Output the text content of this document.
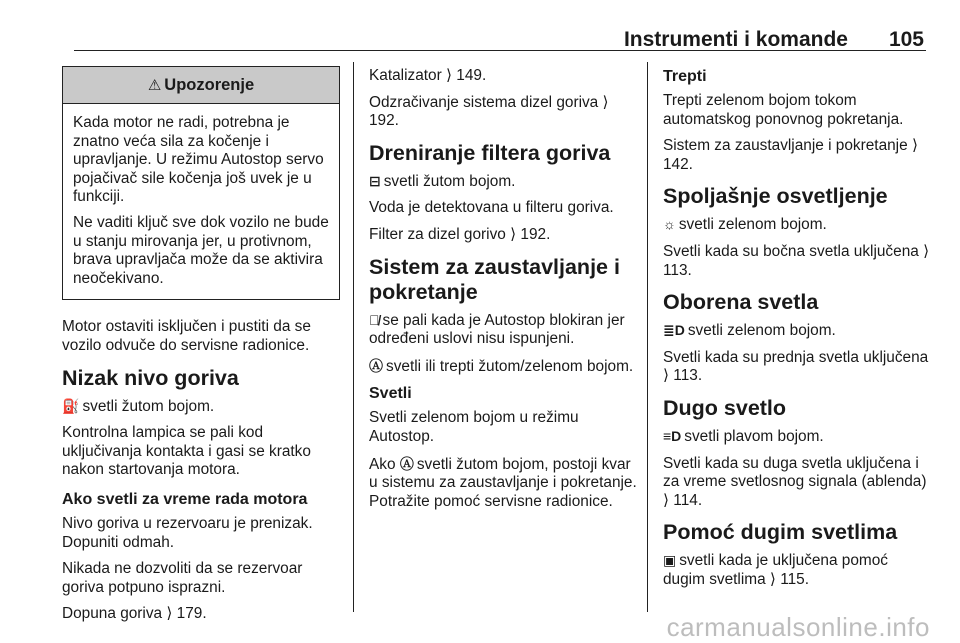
Instrumenti i komande 105
⚠ Upozorenje

Kada motor ne radi, potrebna je znatno veća sila za kočenje i upravljanje. U režimu Autostop servo pojačivač sile kočenja još uvek je u funkciji.

Ne vaditi ključ sve dok vozilo ne bude u stanju mirovanja jer, u protivnom, brava upravljača može da se aktivira neočekivano.

Motor ostaviti isključen i pustiti da se vozilo odvuče do servisne radionice.

Nizak nivo goriva

⛽ svetli žutom bojom.

Kontrolna lampica se pali kod uključivanja kontakta i gasi se kratko nakon startovanja motora.

Ako svetli za vreme rada motora

Nivo goriva u rezervoaru je prenizak. Dopuniti odmah.

Nikada ne dozvoliti da se rezervoar goriva potpuno isprazni.

Dopuna goriva ⟩ 179.

Katalizator ⟩ 149.

Odzračivanje sistema dizel goriva ⟩ 192.

Dreniranje filtera goriva

⊟ svetli žutom bojom.

Voda je detektovana u filteru goriva.

Filter za dizel gorivo ⟩ 192.

Sistem za zaustavljanje i pokretanje

Ⓐ̸ se pali kada je Autostop blokiran jer određeni uslovi nisu ispunjeni.

Ⓐ svetli ili trepti žutom/zelenom bojom.

Svetli

Svetli zelenom bojom u režimu Autostop.

Ako Ⓐ svetli žutom bojom, postoji kvar u sistemu za zaustavljanje i pokretanje. Potražite pomoć servisne radionice.

Trepti

Trepti zelenom bojom tokom automatskog ponovnog pokretanja.

Sistem za zaustavljanje i pokretanje ⟩ 142.

Spoljašnje osvetljenje

☼ svetli zelenom bojom.

Svetli kada su bočna svetla uključena ⟩ 113.

Oborena svetla

≣D svetli zelenom bojom.

Svetli kada su prednja svetla uključena ⟩ 113.

Dugo svetlo

≡D svetli plavom bojom.

Svetli kada su duga svetla uključena i za vreme svetlosnog signala (ablenda) ⟩ 114.

Pomoć dugim svetlima

▣ svetli kada je uključena pomoć dugim svetlima ⟩ 115.

carmanualsonline.info
